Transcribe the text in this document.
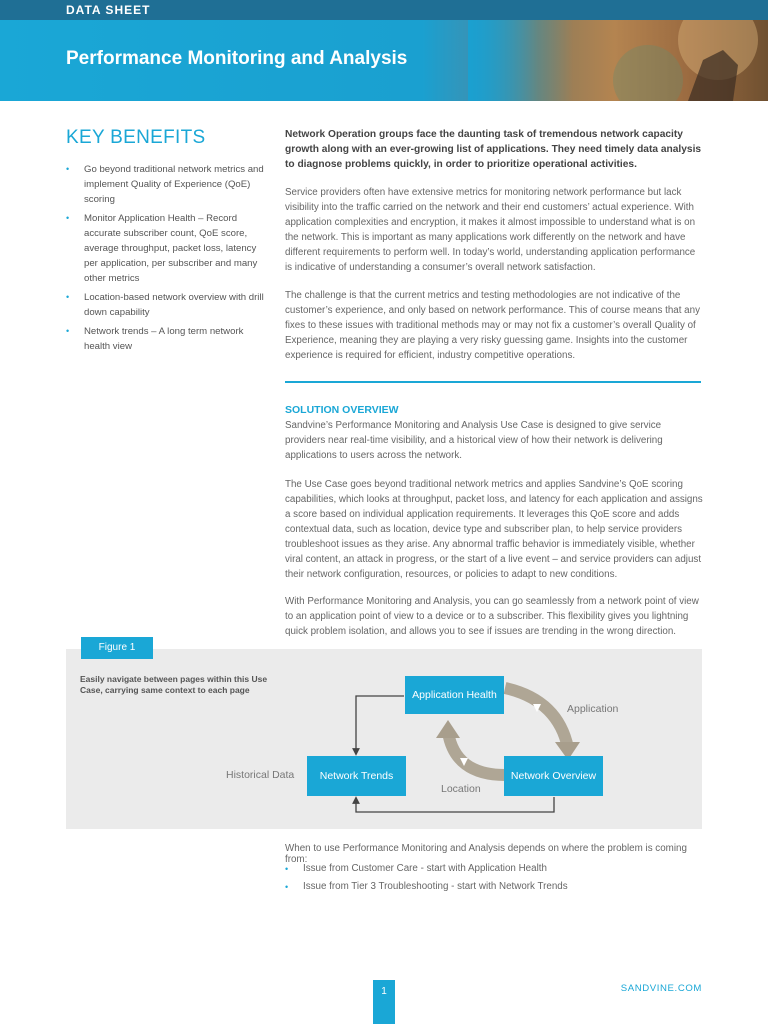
DATA SHEET
Performance Monitoring and Analysis
KEY BENEFITS
• Go beyond traditional network metrics and implement Quality of Experience (QoE) scoring
• Monitor Application Health – Record accurate subscriber count, QoE score, average throughput, packet loss, latency per application, per subscriber and many other metrics
• Location-based network overview with drill down capability
• Network trends – A long term network health view
Network Operation groups face the daunting task of tremendous network capacity growth along with an ever-growing list of applications. They need timely data analysis to diagnose problems quickly, in order to prioritize operational activities.
Service providers often have extensive metrics for monitoring network performance but lack visibility into the traffic carried on the network and their end customers’ actual experience. With application complexities and encryption, it makes it almost impossible to understand what is on the network. This is important as many applications work differently on the network and have different requirements to perform well. In today’s world, understanding application performance is indicative of understanding a consumer’s overall network satisfaction.
The challenge is that the current metrics and testing methodologies are not indicative of the customer’s experience, and only based on network performance. This of course means that any fixes to these issues with traditional methods may or may not fix a customer’s overall Quality of Experience, meaning they are playing a very risky guessing game. Insights into the customer experience is required for efficient, industry competitive operations.
SOLUTION OVERVIEW
Sandvine’s Performance Monitoring and Analysis Use Case is designed to give service providers near real-time visibility, and a historical view of how their network is delivering applications to users across the network.
The Use Case goes beyond traditional network metrics and applies Sandvine’s QoE scoring capabilities, which looks at throughput, packet loss, and latency for each application and assigns a score based on individual application requirements. It leverages this QoE score and adds contextual data, such as location, device type and subscriber plan, to help service providers troubleshoot issues as they arise. Any abnormal traffic behavior is immediately visible, whether viral content, an attack in progress, or the start of a live event – and service providers can adjust their network configuration, resources, or policies to adapt to new conditions.
With Performance Monitoring and Analysis, you can go seamlessly from a network point of view to an application point of view to a device or to a subscriber. This flexibility gives you lightning quick problem isolation, and allows you to see if issues are trending in the wrong direction.
Figure 1
Easily navigate between pages within this Use Case, carrying same context to each page	Application Health
Network Trends	Network Overview
Application
Historical Data
Location
When to use Performance Monitoring and Analysis depends on where the problem is coming from:
• Issue from Customer Care - start with Application Health
• Issue from Tier 3 Troubleshooting - start with Network Trends
1	SANDVINE.COM
